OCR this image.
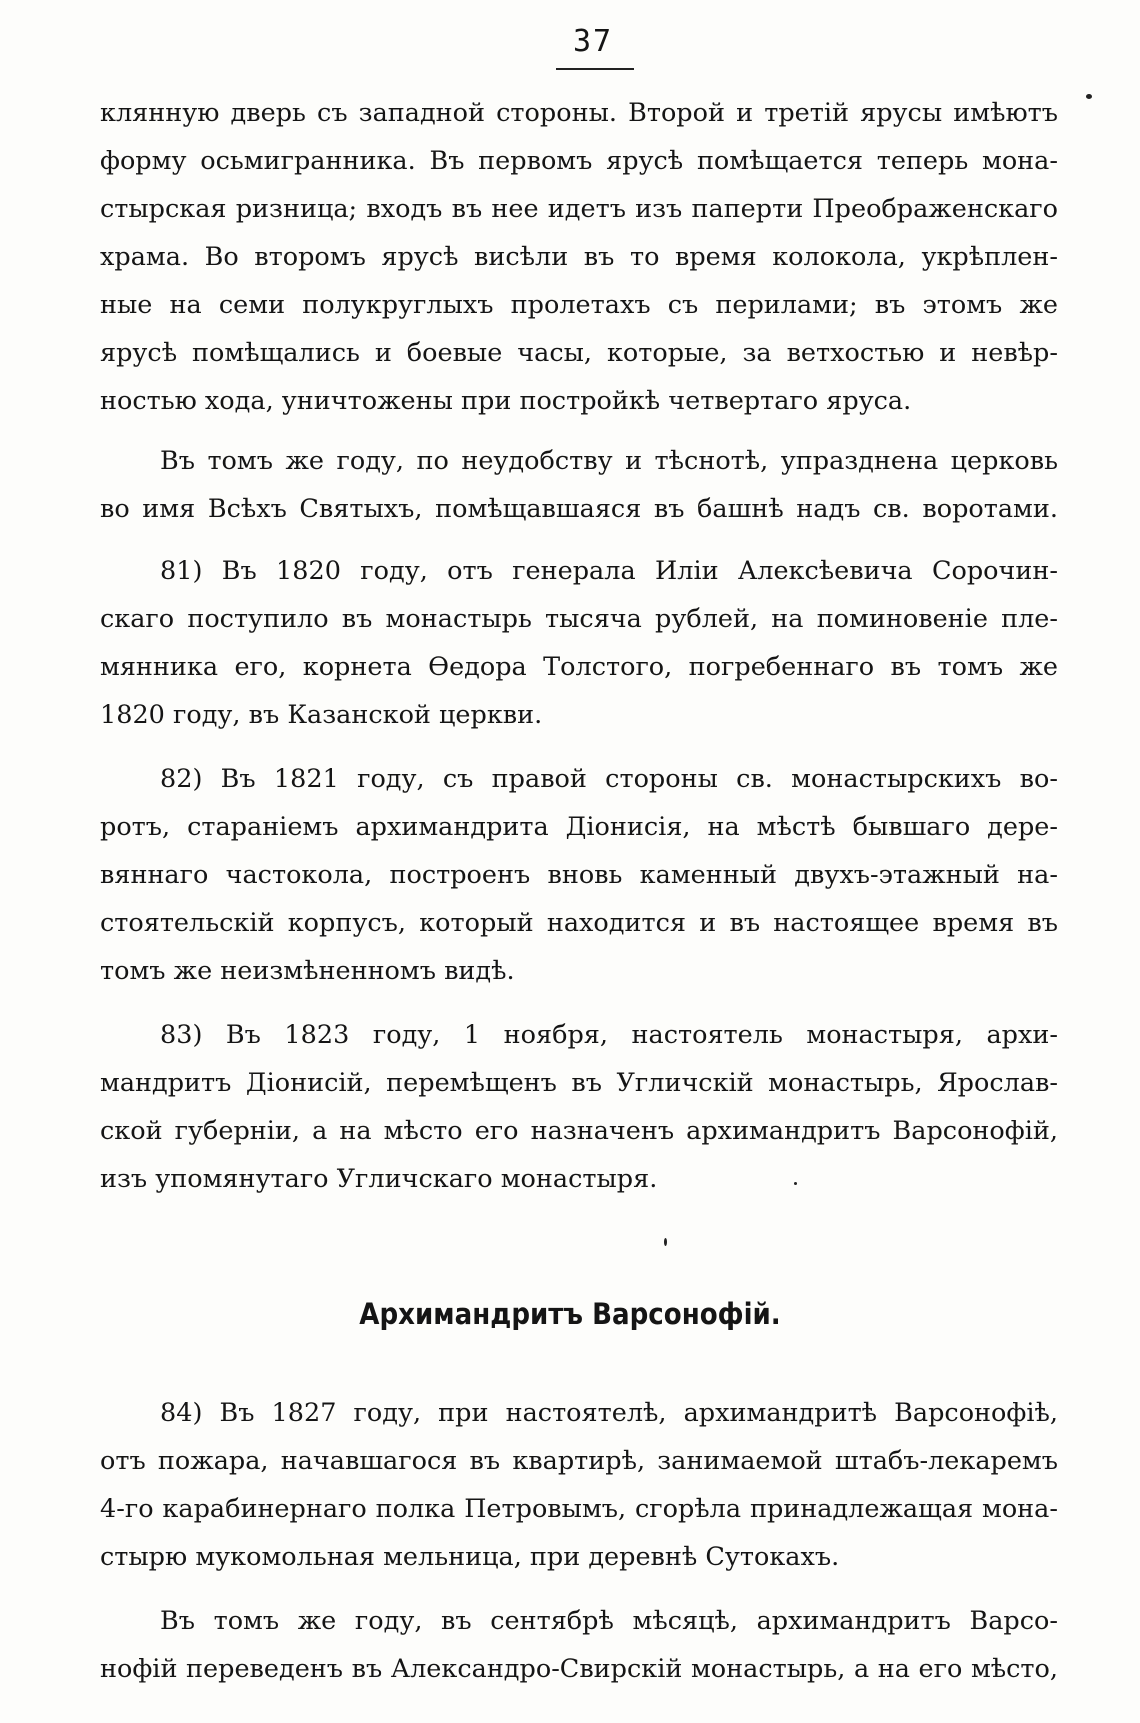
37
клянную дверь съ западной стороны. Второй и третій ярусы имѣютъ
форму осьмигранника. Въ первомъ ярусѣ помѣщается теперь мона-
стырская ризница; входъ въ нее идетъ изъ паперти Преображенскаго
храма. Во второмъ ярусѣ висѣли въ то время колокола, укрѣплен-
ные на семи полукруглыхъ пролетахъ съ перилами; въ этомъ же
ярусѣ помѣщались и боевые часы, которые, за ветхостью и невѣр-
ностью хода, уничтожены при постройкѣ четвертаго яруса.
Въ томъ же году, по неудобству и тѣснотѣ, упразднена церковь
во имя Всѣхъ Святыхъ, помѣщавшаяся въ башнѣ надъ св. воротами.
81) Въ 1820 году, отъ генерала Иліи Алексѣевича Сорочин-
скаго поступило въ монастырь тысяча рублей, на поминовеніе пле-
мянника его, корнета Ѳедора Толстого, погребеннаго въ томъ же
1820 году, въ Казанской церкви.
82) Въ 1821 году, съ правой стороны св. монастырскихъ во-
ротъ, стараніемъ архимандрита Діонисія, на мѣстѣ бывшаго дере-
вяннаго частокола, построенъ вновь каменный двухъ-этажный на-
стоятельскій корпусъ, который находится и въ настоящее время въ
томъ же неизмѣненномъ видѣ.
83) Въ 1823 году, 1 ноября, настоятель монастыря, архи-
мандритъ Діонисій, перемѣщенъ въ Угличскій монастырь, Ярослав-
ской губерніи, а на мѣсто его назначенъ архимандритъ Варсонофій,
изъ упомянутаго Угличскаго монастыря.
Архимандритъ Варсонофій.
84) Въ 1827 году, при настоятелѣ, архимандритѣ Варсонофіѣ,
отъ пожара, начавшагося въ квартирѣ, занимаемой штабъ-лекаремъ
4-го карабинернаго полка Петровымъ, сгорѣла принадлежащая мона-
стырю мукомольная мельница, при деревнѣ Сутокахъ.
Въ томъ же году, въ сентябрѣ мѣсяцѣ, архимандритъ Варсо-
нофій переведенъ въ Александро-Свирскій монастырь, а на его мѣсто,
